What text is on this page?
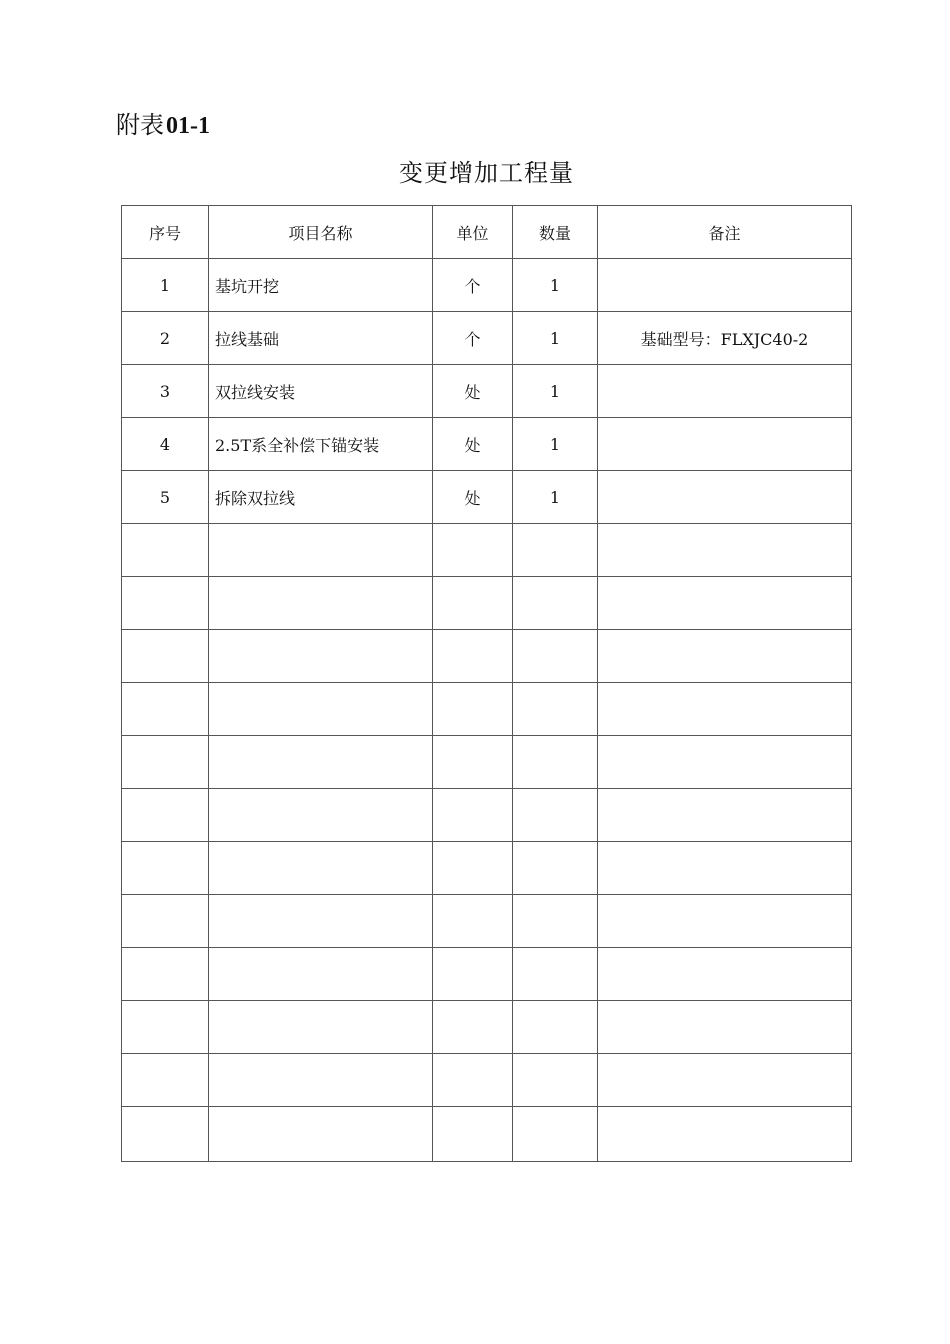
附表01-1
变更增加工程量
序号	项目名称	单位	数量	备注
1	基坑开挖	个	1	
2	拉线基础	个	1	基础型号：FLXJC40-2
3	双拉线安装	处	1	
4	2.5T系全补偿下锚安装	处	1	
5	拆除双拉线	处	1	
